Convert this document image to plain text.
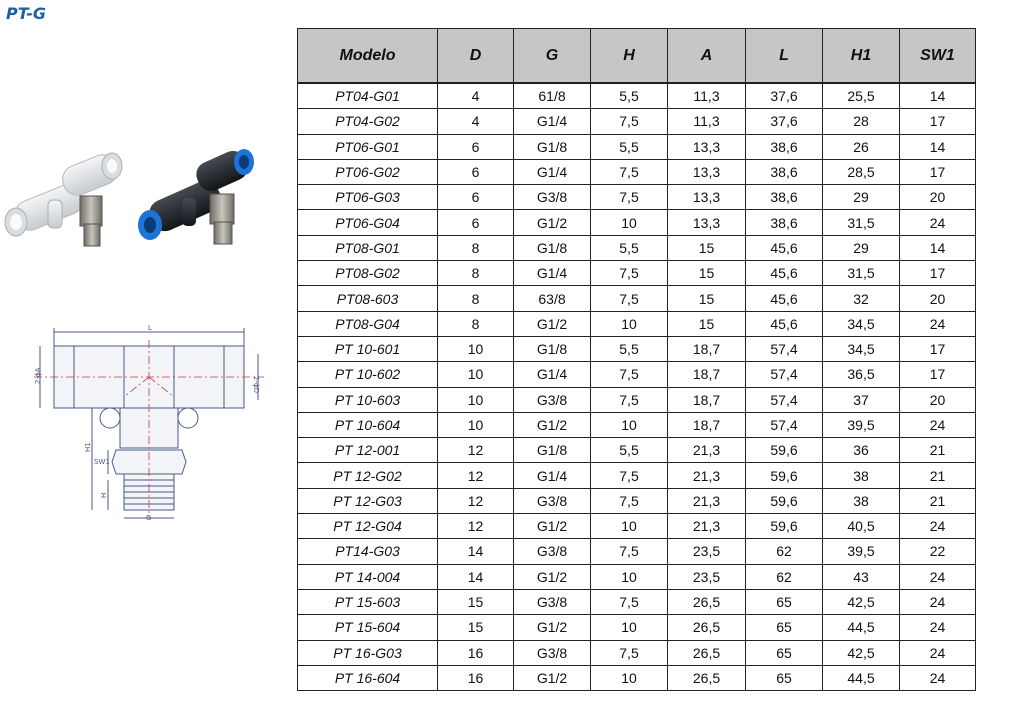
PT-G
L
2-ϕA
2-ϕD
H1
SW1
H
G
Modelo	D	G	H	A	L	H1	SW1
PT04-G01	4	61/8	5,5	11,3	37,6	25,5	14
PT04-G02	4	G1/4	7,5	11,3	37,6	28	17
PT06-G01	6	G1/8	5,5	13,3	38,6	26	14
PT06-G02	6	G1/4	7,5	13,3	38,6	28,5	17
PT06-G03	6	G3/8	7,5	13,3	38,6	29	20
PT06-G04	6	G1/2	10	13,3	38,6	31,5	24
PT08-G01	8	G1/8	5,5	15	45,6	29	14
PT08-G02	8	G1/4	7,5	15	45,6	31,5	17
PT08-603	8	63/8	7,5	15	45,6	32	20
PT08-G04	8	G1/2	10	15	45,6	34,5	24
PT 10-601	10	G1/8	5,5	18,7	57,4	34,5	17
PT 10-602	10	G1/4	7,5	18,7	57,4	36,5	17
PT 10-603	10	G3/8	7,5	18,7	57,4	37	20
PT 10-604	10	G1/2	10	18,7	57,4	39,5	24
PT 12-001	12	G1/8	5,5	21,3	59,6	36	21
PT 12-G02	12	G1/4	7,5	21,3	59,6	38	21
PT 12-G03	12	G3/8	7,5	21,3	59,6	38	21
PT 12-G04	12	G1/2	10	21,3	59,6	40,5	24
PT14-G03	14	G3/8	7,5	23,5	62	39,5	22
PT 14-004	14	G1/2	10	23,5	62	43	24
PT 15-603	15	G3/8	7,5	26,5	65	42,5	24
PT 15-604	15	G1/2	10	26,5	65	44,5	24
PT 16-G03	16	G3/8	7,5	26,5	65	42,5	24
PT 16-604	16	G1/2	10	26,5	65	44,5	24
